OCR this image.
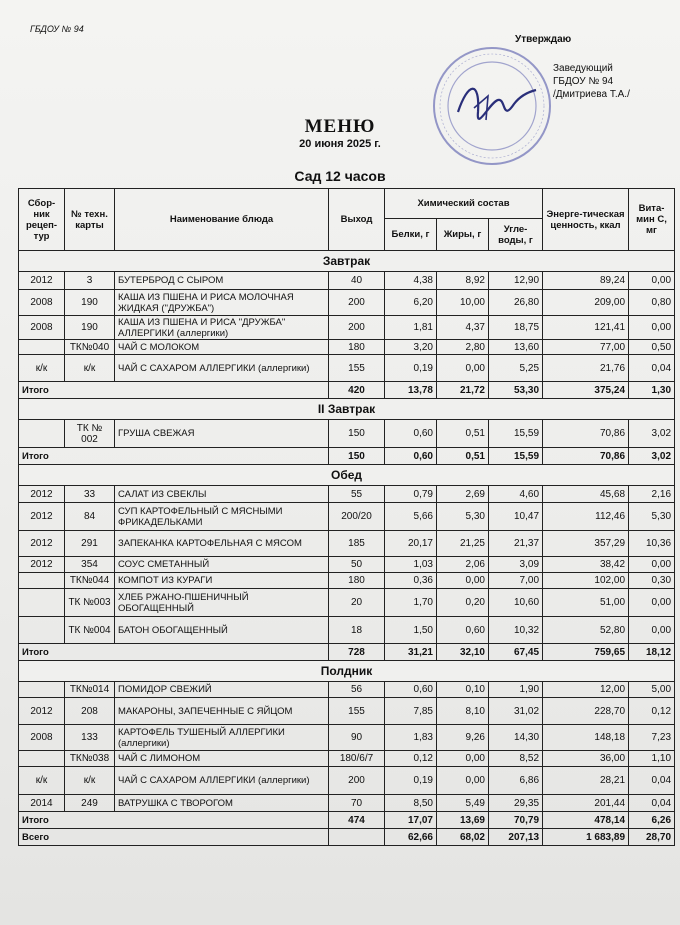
ГБДОУ № 94
Утверждаю
Заведующий
ГБДОУ № 94
/Дмитриева Т.А./
МЕНЮ
20 июня 2025 г.
Сад 12 часов
Сбор-ник рецеп-тур	№ техн. карты	Наименование блюда	Выход	Химический состав			Энерге-тическая ценность, ккал	Вита-мин С, мг
				Белки, г	Жиры, г	Угле-воды, г		
Завтрак								
2012	3	БУТЕРБРОД С СЫРОМ	40	4,38	8,92	12,90	89,24	0,00
2008	190	КАША ИЗ ПШЕНА И РИСА МОЛОЧНАЯ ЖИДКАЯ ("ДРУЖБА")	200	6,20	10,00	26,80	209,00	0,80
2008	190	КАША ИЗ ПШЕНА И РИСА "ДРУЖБА" АЛЛЕРГИКИ (аллергики)	200	1,81	4,37	18,75	121,41	0,00
	ТК№040	ЧАЙ С МОЛОКОМ	180	3,20	2,80	13,60	77,00	0,50
к/к	к/к	ЧАЙ С САХАРОМ АЛЛЕРГИКИ (аллергики)	155	0,19	0,00	5,25	21,76	0,04
Итого			420	13,78	21,72	53,30	375,24	1,30
II Завтрак								
	ТК № 002	ГРУША СВЕЖАЯ	150	0,60	0,51	15,59	70,86	3,02
Итого			150	0,60	0,51	15,59	70,86	3,02
Обед								
2012	33	САЛАТ ИЗ СВЕКЛЫ	55	0,79	2,69	4,60	45,68	2,16
2012	84	СУП КАРТОФЕЛЬНЫЙ С МЯСНЫМИ ФРИКАДЕЛЬКАМИ	200/20	5,66	5,30	10,47	112,46	5,30
2012	291	ЗАПЕКАНКА КАРТОФЕЛЬНАЯ С МЯСОМ	185	20,17	21,25	21,37	357,29	10,36
2012	354	СОУС СМЕТАННЫЙ	50	1,03	2,06	3,09	38,42	0,00
	ТК№044	КОМПОТ ИЗ КУРАГИ	180	0,36	0,00	7,00	102,00	0,30
	ТК №003	ХЛЕБ РЖАНО-ПШЕНИЧНЫЙ ОБОГАЩЕННЫЙ	20	1,70	0,20	10,60	51,00	0,00
	ТК №004	БАТОН ОБОГАЩЕННЫЙ	18	1,50	0,60	10,32	52,80	0,00
Итого			728	31,21	32,10	67,45	759,65	18,12
Полдник								
	ТК№014	ПОМИДОР СВЕЖИЙ	56	0,60	0,10	1,90	12,00	5,00
2012	208	МАКАРОНЫ, ЗАПЕЧЕННЫЕ С ЯЙЦОМ	155	7,85	8,10	31,02	228,70	0,12
2008	133	КАРТОФЕЛЬ ТУШЕНЫЙ АЛЛЕРГИКИ (аллергики)	90	1,83	9,26	14,30	148,18	7,23
	ТК№038	ЧАЙ С ЛИМОНОМ	180/6/7	0,12	0,00	8,52	36,00	1,10
к/к	к/к	ЧАЙ С САХАРОМ АЛЛЕРГИКИ (аллергики)	200	0,19	0,00	6,86	28,21	0,04
2014	249	ВАТРУШКА С ТВОРОГОМ	70	8,50	5,49	29,35	201,44	0,04
Итого			474	17,07	13,69	70,79	478,14	6,26
Всего				62,66	68,02	207,13	1 683,89	28,70
